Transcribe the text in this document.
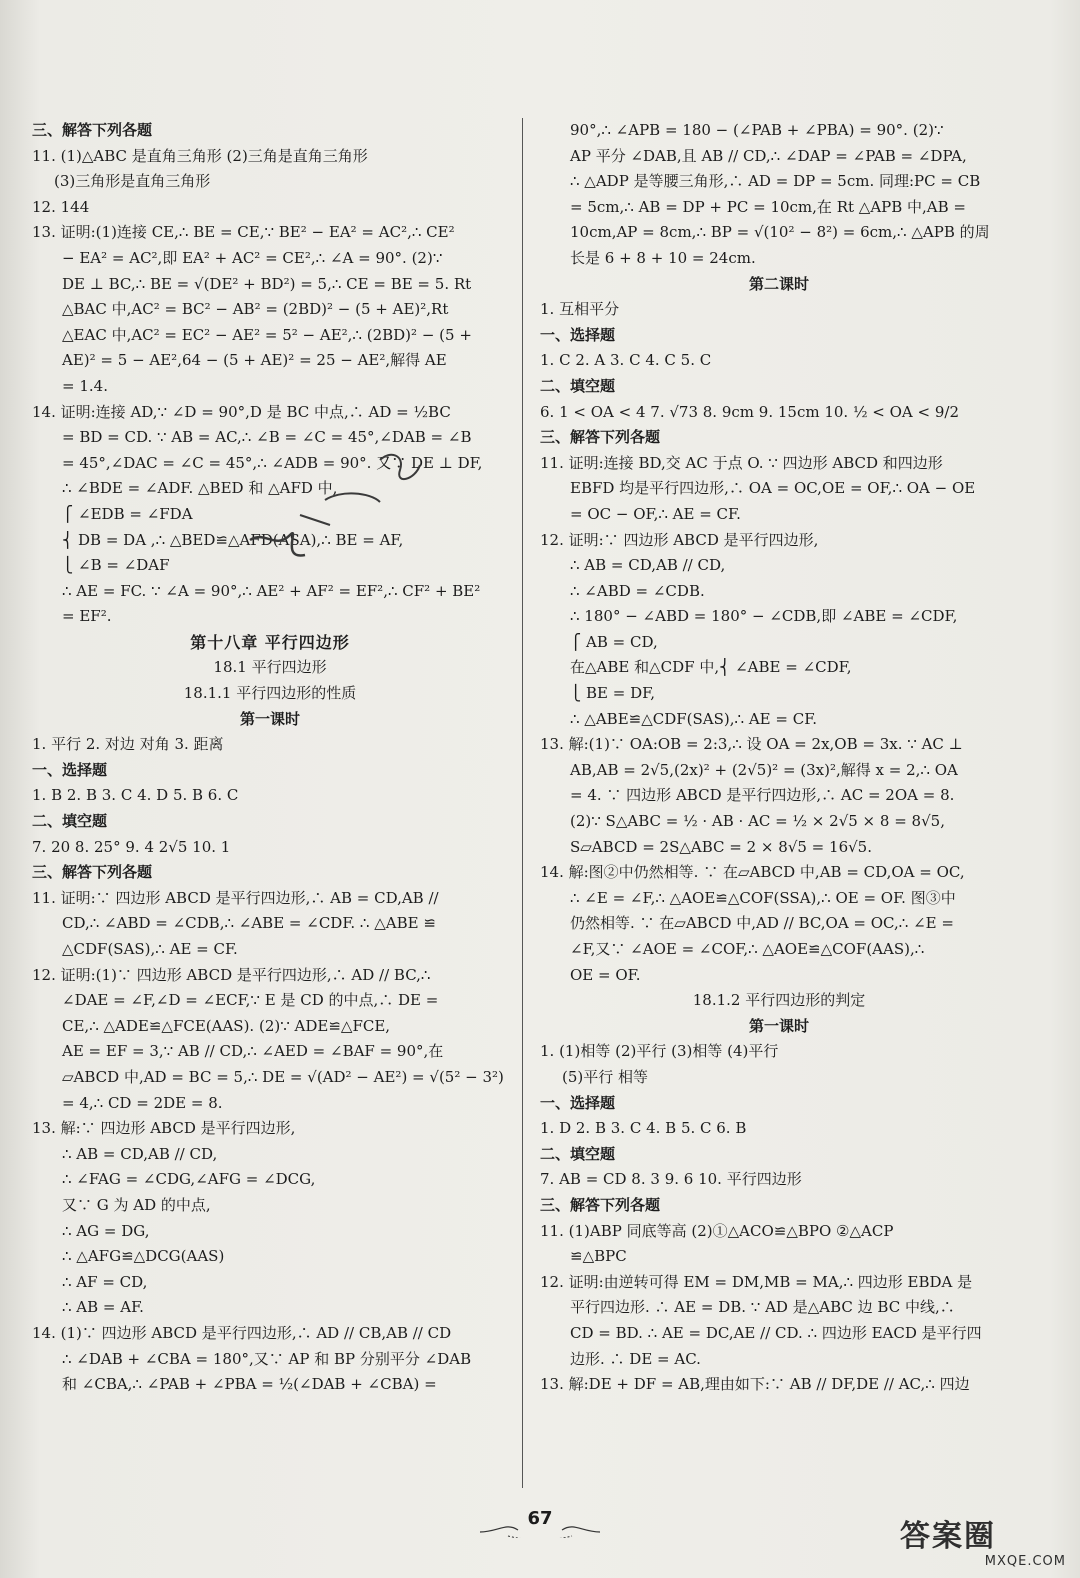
三、解答下列各题
11. (1)△ABC 是直角三角形 (2)三角是直角三角形
(3)三角形是直角三角形
12. 144
13. 证明:(1)连接 CE,∴ BE = CE,∵ BE² − EA² = AC²,∴ CE²
− EA² = AC²,即 EA² + AC² = CE²,∴ ∠A = 90°. (2)∵
DE ⊥ BC,∴ BE = √(DE² + BD²) = 5,∴ CE = BE = 5. Rt
△BAC 中,AC² = BC² − AB² = (2BD)² − (5 + AE)²,Rt
△EAC 中,AC² = EC² − AE² = 5² − AE²,∴ (2BD)² − (5 +
AE)² = 5 − AE²,64 − (5 + AE)² = 25 − AE²,解得 AE
= 1.4.
14. 证明:连接 AD,∵ ∠D = 90°,D 是 BC 中点,∴ AD = ½BC
= BD = CD. ∵ AB = AC,∴ ∠B = ∠C = 45°,∠DAB = ∠B
= 45°,∠DAC = ∠C = 45°,∴ ∠ADB = 90°. 又∵ DE ⊥ DF,
∴ ∠BDE = ∠ADF. △BED 和 △AFD 中,
⎧ ∠EDB = ∠FDA
⎨ DB = DA ,∴ △BED≌△AFD(ASA),∴ BE = AF,
⎩ ∠B = ∠DAF
∴ AE = FC. ∵ ∠A = 90°,∴ AE² + AF² = EF²,∴ CF² + BE²
= EF².
第十八章 平行四边形
18.1 平行四边形
18.1.1 平行四边形的性质
第一课时
1. 平行 2. 对边 对角 3. 距离
一、选择题
1. B 2. B 3. C 4. D 5. B 6. C
二、填空题
7. 20 8. 25° 9. 4 2√5 10. 1
三、解答下列各题
11. 证明:∵ 四边形 ABCD 是平行四边形,∴ AB = CD,AB //
CD,∴ ∠ABD = ∠CDB,∴ ∠ABE = ∠CDF. ∴ △ABE ≌
△CDF(SAS),∴ AE = CF.
12. 证明:(1)∵ 四边形 ABCD 是平行四边形,∴ AD // BC,∴
∠DAE = ∠F,∠D = ∠ECF,∵ E 是 CD 的中点,∴ DE =
CE,∴ △ADE≌△FCE(AAS). (2)∵ ADE≌△FCE,
AE = EF = 3,∵ AB // CD,∴ ∠AED = ∠BAF = 90°,在
▱ABCD 中,AD = BC = 5,∴ DE = √(AD² − AE²) = √(5² − 3²)
= 4,∴ CD = 2DE = 8.
13. 解:∵ 四边形 ABCD 是平行四边形,
∴ AB = CD,AB // CD,
∴ ∠FAG = ∠CDG,∠AFG = ∠DCG,
又∵ G 为 AD 的中点,
∴ AG = DG,
∴ △AFG≌△DCG(AAS)
∴ AF = CD,
∴ AB = AF.
14. (1)∵ 四边形 ABCD 是平行四边形,∴ AD // CB,AB // CD
∴ ∠DAB + ∠CBA = 180°,又∵ AP 和 BP 分别平分 ∠DAB
和 ∠CBA,∴ ∠PAB + ∠PBA = ½(∠DAB + ∠CBA) =
90°,∴ ∠APB = 180 − (∠PAB + ∠PBA) = 90°. (2)∵
AP 平分 ∠DAB,且 AB // CD,∴ ∠DAP = ∠PAB = ∠DPA,
∴ △ADP 是等腰三角形,∴ AD = DP = 5cm. 同理:PC = CB
= 5cm,∴ AB = DP + PC = 10cm,在 Rt △APB 中,AB =
10cm,AP = 8cm,∴ BP = √(10² − 8²) = 6cm,∴ △APB 的周
长是 6 + 8 + 10 = 24cm.
第二课时
1. 互相平分
一、选择题
1. C 2. A 3. C 4. C 5. C
二、填空题
6. 1 < OA < 4 7. √73 8. 9cm 9. 15cm 10. ½ < OA < 9/2
三、解答下列各题
11. 证明:连接 BD,交 AC 于点 O. ∵ 四边形 ABCD 和四边形
EBFD 均是平行四边形,∴ OA = OC,OE = OF,∴ OA − OE
= OC − OF,∴ AE = CF.
12. 证明:∵ 四边形 ABCD 是平行四边形,
∴ AB = CD,AB // CD,
∴ ∠ABD = ∠CDB.
∴ 180° − ∠ABD = 180° − ∠CDB,即 ∠ABE = ∠CDF,
⎧ AB = CD,
在△ABE 和△CDF 中,⎨ ∠ABE = ∠CDF,
⎩ BE = DF,
∴ △ABE≌△CDF(SAS),∴ AE = CF.
13. 解:(1)∵ OA:OB = 2:3,∴ 设 OA = 2x,OB = 3x. ∵ AC ⊥
AB,AB = 2√5,(2x)² + (2√5)² = (3x)²,解得 x = 2,∴ OA
= 4. ∵ 四边形 ABCD 是平行四边形,∴ AC = 2OA = 8.
(2)∵ S△ABC = ½ · AB · AC = ½ × 2√5 × 8 = 8√5,
S▱ABCD = 2S△ABC = 2 × 8√5 = 16√5.
14. 解:图②中仍然相等. ∵ 在▱ABCD 中,AB = CD,OA = OC,
∴ ∠E = ∠F,∴ △AOE≌△COF(SSA),∴ OE = OF. 图③中
仍然相等. ∵ 在▱ABCD 中,AD // BC,OA = OC,∴ ∠E =
∠F,又∵ ∠AOE = ∠COF,∴ △AOE≌△COF(AAS),∴
OE = OF.
18.1.2 平行四边形的判定
第一课时
1. (1)相等 (2)平行 (3)相等 (4)平行
(5)平行 相等
一、选择题
1. D 2. B 3. C 4. B 5. C 6. B
二、填空题
7. AB = CD 8. 3 9. 6 10. 平行四边形
三、解答下列各题
11. (1)ABP 同底等高 (2)①△ACO≌△BPO ②△ACP
≌△BPC
12. 证明:由逆转可得 EM = DM,MB = MA,∴ 四边形 EBDA 是
平行四边形. ∴ AE = DB. ∵ AD 是△ABC 边 BC 中线,∴
CD = BD. ∴ AE = DC,AE // CD. ∴ 四边形 EACD 是平行四
边形. ∴ DE = AC.
13. 解:DE + DF = AB,理由如下:∵ AB // DF,DE // AC,∴ 四边
67
答案圈
MXQE.COM
